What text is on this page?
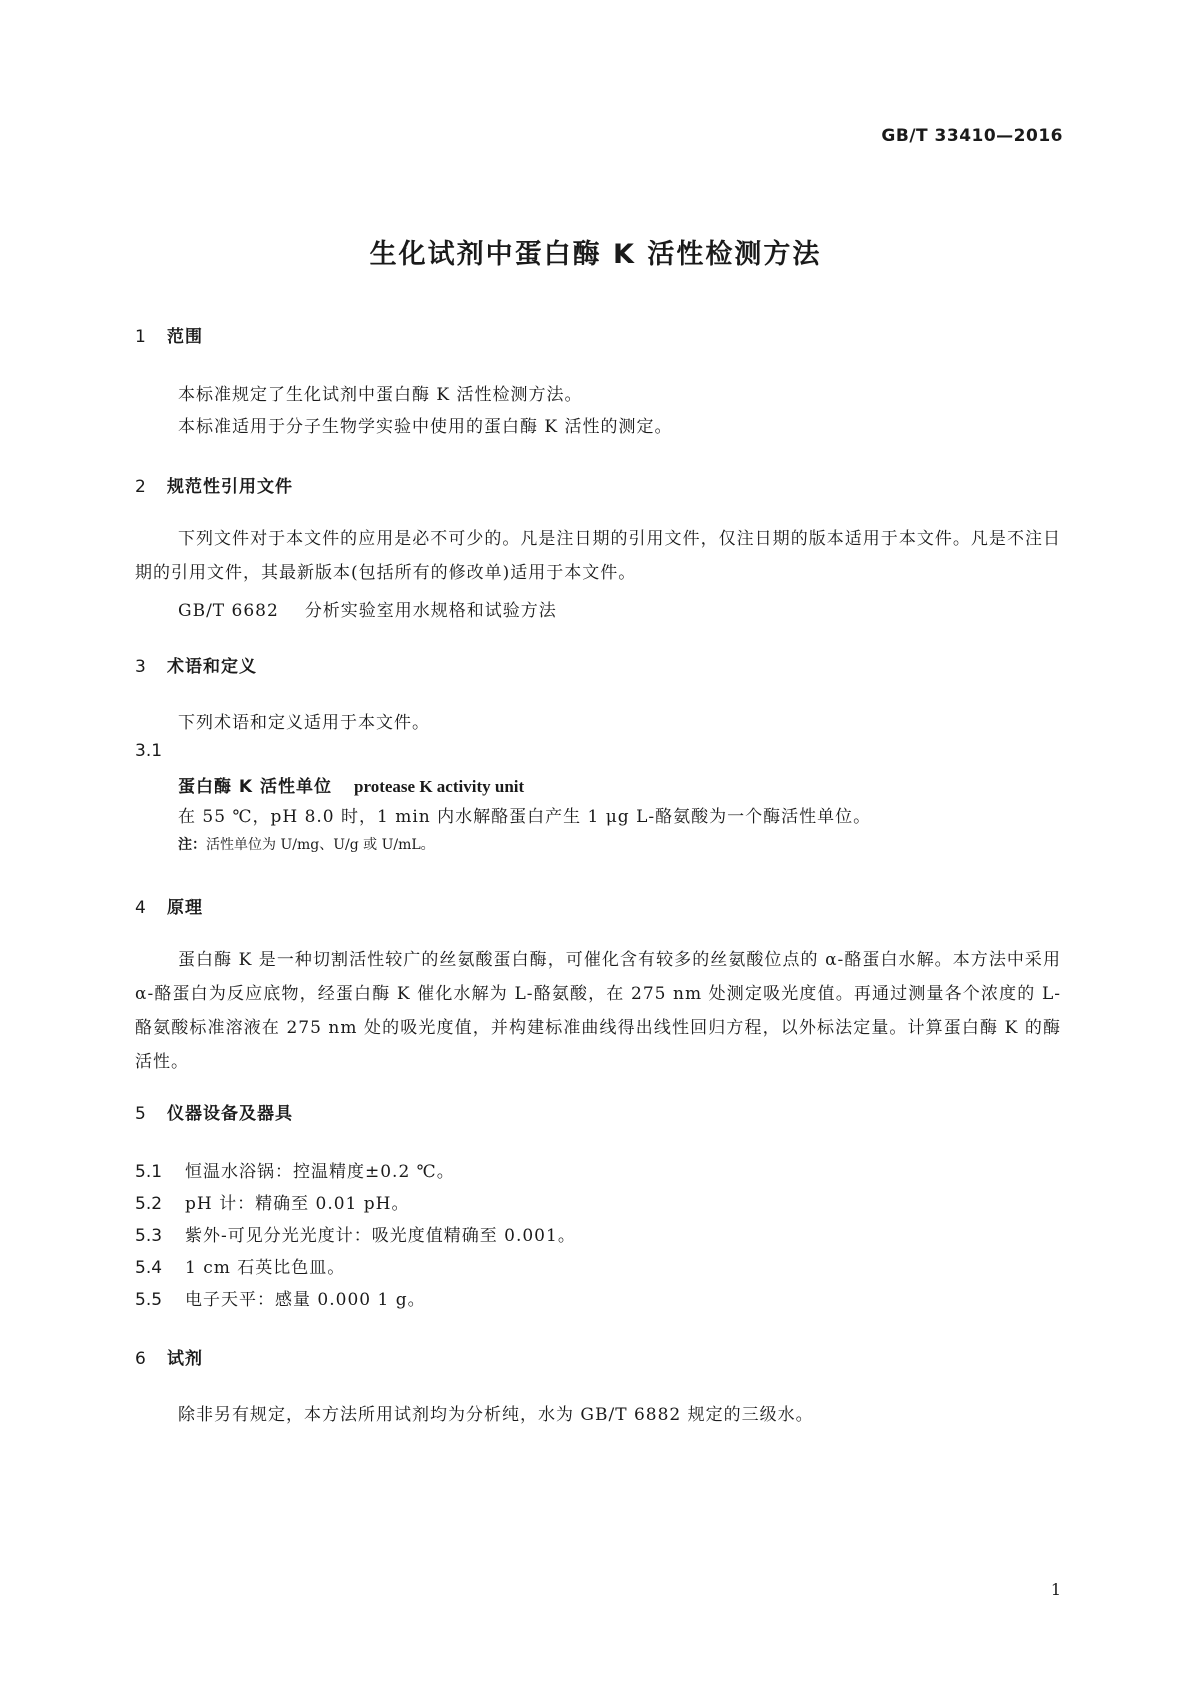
GB/T 33410—2016
生化试剂中蛋白酶 K 活性检测方法
1 范围
本标准规定了生化试剂中蛋白酶 K 活性检测方法。
本标准适用于分子生物学实验中使用的蛋白酶 K 活性的测定。
2 规范性引用文件
下列文件对于本文件的应用是必不可少的。凡是注日期的引用文件，仅注日期的版本适用于本文件。凡是不注日期的引用文件，其最新版本(包括所有的修改单)适用于本文件。
GB/T 6682 分析实验室用水规格和试验方法
3 术语和定义
下列术语和定义适用于本文件。
3.1
蛋白酶 K 活性单位 protease K activity unit
在 55 ℃，pH 8.0 时，1 min 内水解酪蛋白产生 1 μg L-酪氨酸为一个酶活性单位。
注：活性单位为 U/mg、U/g 或 U/mL。
4 原理
蛋白酶 K 是一种切割活性较广的丝氨酸蛋白酶，可催化含有较多的丝氨酸位点的 α-酪蛋白水解。本方法中采用 α-酪蛋白为反应底物，经蛋白酶 K 催化水解为 L-酪氨酸，在 275 nm 处测定吸光度值。再通过测量各个浓度的 L-酪氨酸标准溶液在 275 nm 处的吸光度值，并构建标准曲线得出线性回归方程，以外标法定量。计算蛋白酶 K 的酶活性。
5 仪器设备及器具
5.1 恒温水浴锅：控温精度±0.2 ℃。
5.2 pH 计：精确至 0.01 pH。
5.3 紫外-可见分光光度计：吸光度值精确至 0.001。
5.4 1 cm 石英比色皿。
5.5 电子天平：感量 0.000 1 g。
6 试剂
除非另有规定，本方法所用试剂均为分析纯，水为 GB/T 6882 规定的三级水。
1
